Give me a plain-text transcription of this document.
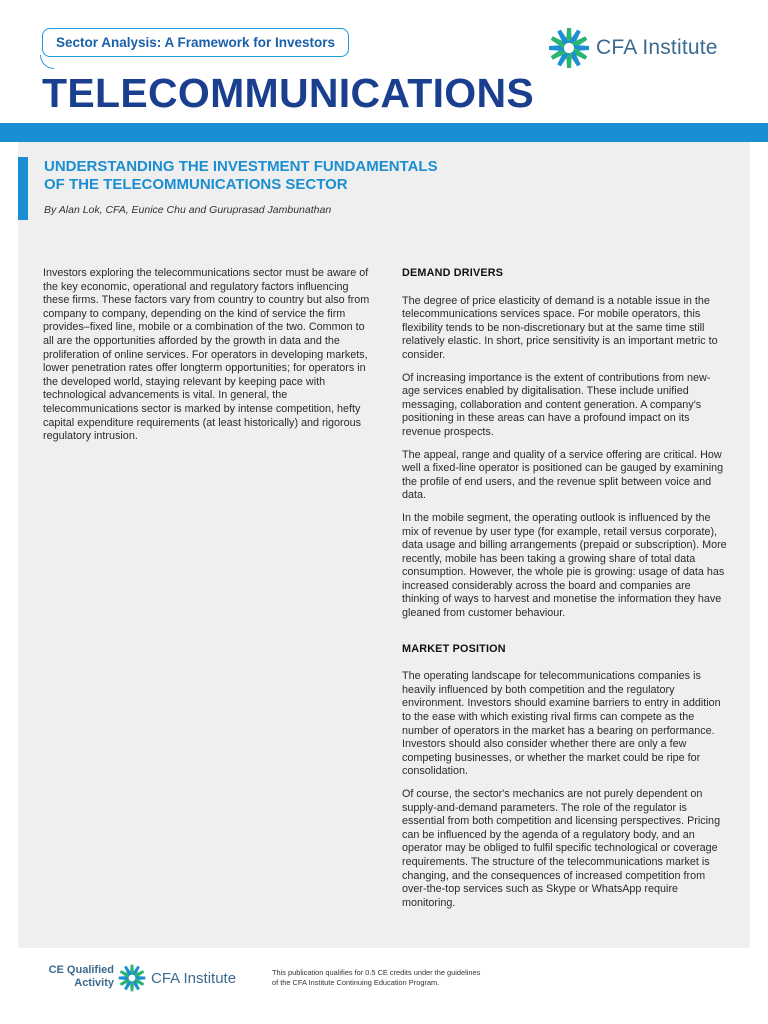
Sector Analysis: A Framework for Investors
TELECOMMUNICATIONS
CFA Institute
UNDERSTANDING THE INVESTMENT FUNDAMENTALS
OF THE TELECOMMUNICATIONS SECTOR
By Alan Lok, CFA, Eunice Chu and Guruprasad Jambunathan

Investors exploring the telecommunications sector must be aware of the key economic, operational and regulatory factors influencing these firms. These factors vary from country to country but also from company to company, depending on the kind of service the firm provides–fixed line, mobile or a combination of the two. Common to all are the opportunities afforded by the growth in data and the proliferation of online services. For operators in developing markets, lower penetration rates offer longterm opportunities; for operators in the developed world, staying relevant by keeping pace with technological advancements is vital. In general, the telecommunications sector is marked by intense competition, hefty capital expenditure requirements (at least historically) and rigorous regulatory intrusion.

DEMAND DRIVERS

The degree of price elasticity of demand is a notable issue in the telecommunications services space. For mobile operators, this flexibility tends to be non-discretionary but at the same time still relatively elastic. In short, price sensitivity is an important metric to consider.

Of increasing importance is the extent of contributions from new-age services enabled by digitalisation. These include unified messaging, collaboration and content generation. A company's positioning in these areas can have a profound impact on its revenue prospects.

The appeal, range and quality of a service offering are critical. How well a fixed-line operator is positioned can be gauged by examining the profile of end users, and the revenue split between voice and data.

In the mobile segment, the operating outlook is influenced by the mix of revenue by user type (for example, retail versus corporate), data usage and billing arrangements (prepaid or subscription). More recently, mobile has been taking a growing share of total data consumption. However, the whole pie is growing: usage of data has increased considerably across the board and companies are thinking of ways to harvest and monetise the information they have gleaned from customer behaviour.

MARKET POSITION

The operating landscape for telecommunications companies is heavily influenced by both competition and the regulatory environment. Investors should examine barriers to entry in addition to the ease with which existing rival firms can compete as the number of operators in the market has a bearing on performance. Investors should also consider whether there are only a few competing businesses, or whether the market could be ripe for consolidation.

Of course, the sector's mechanics are not purely dependent on supply-and-demand parameters. The role of the regulator is essential from both competition and licensing perspectives. Pricing can be influenced by the agenda of a regulatory body, and an operator may be obliged to fulfil specific technological or coverage requirements. The structure of the telecommunications market is changing, and the consequences of increased competition from over-the-top services such as Skype or WhatsApp require monitoring.

CE Qualified
Activity CFA Institute	This publication qualifies for 0.5 CE credits under the guidelines
of the CFA Institute Continuing Education Program.
